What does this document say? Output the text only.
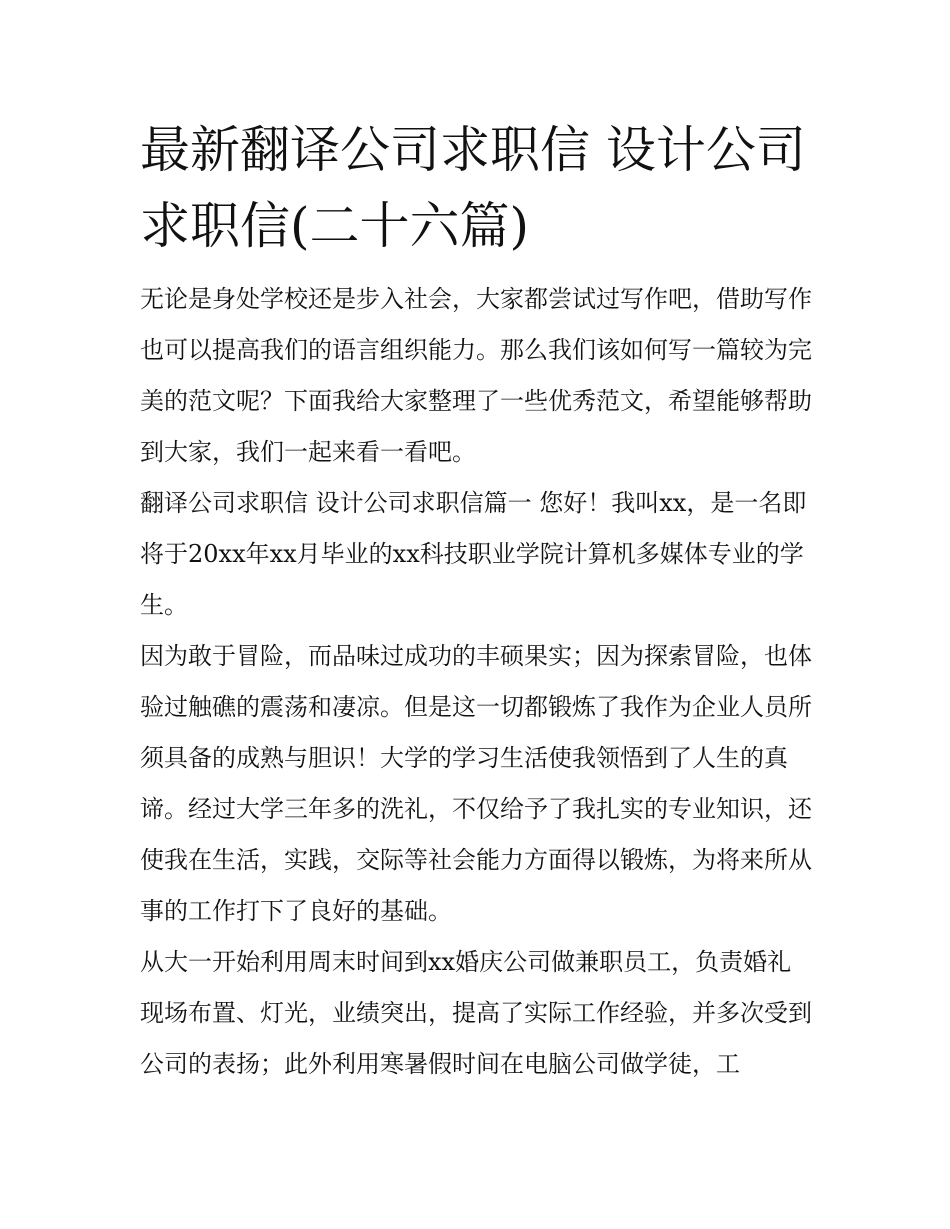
最新翻译公司求职信 设计公司
求职信(二十六篇)

无论是身处学校还是步入社会，大家都尝试过写作吧，借助写作也可以提高我们的语言组织能力。那么我们该如何写一篇较为完美的范文呢？下面我给大家整理了一些优秀范文，希望能够帮助到大家，我们一起来看一看吧。

翻译公司求职信 设计公司求职信篇一 您好！我叫xx，是一名即将于20xx年xx月毕业的xx科技职业学院计算机多媒体专业的学生。

因为敢于冒险，而品味过成功的丰硕果实；因为探索冒险，也体验过触礁的震荡和凄凉。但是这一切都锻炼了我作为企业人员所须具备的成熟与胆识！大学的学习生活使我领悟到了人生的真谛。经过大学三年多的洗礼，不仅给予了我扎实的专业知识，还使我在生活，实践，交际等社会能力方面得以锻炼，为将来所从事的工作打下了良好的基础。

从大一开始利用周末时间到xx婚庆公司做兼职员工，负责婚礼现场布置、灯光，业绩突出，提高了实际工作经验，并多次受到公司的表扬；此外利用寒暑假时间在电脑公司做学徒，工
